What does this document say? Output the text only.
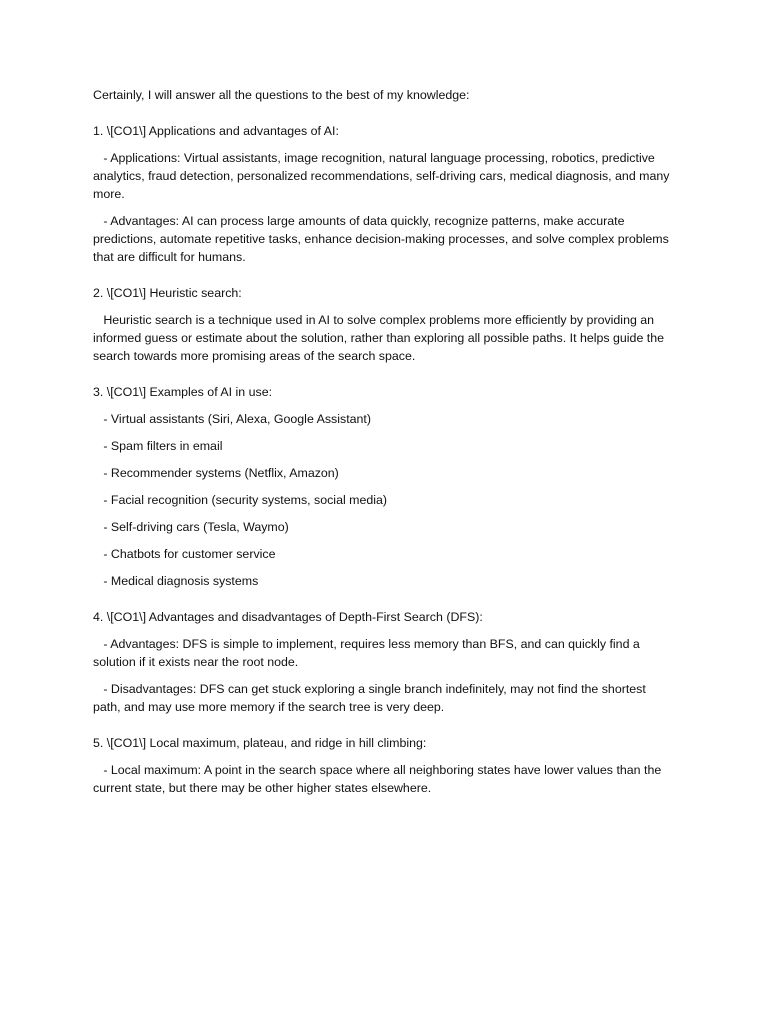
Certainly, I will answer all the questions to the best of my knowledge:

1. \[CO1\] Applications and advantages of AI:

- Applications: Virtual assistants, image recognition, natural language processing, robotics, predictive analytics, fraud detection, personalized recommendations, self-driving cars, medical diagnosis, and many more.

- Advantages: AI can process large amounts of data quickly, recognize patterns, make accurate predictions, automate repetitive tasks, enhance decision-making processes, and solve complex problems that are difficult for humans.

2. \[CO1\] Heuristic search:

Heuristic search is a technique used in AI to solve complex problems more efficiently by providing an informed guess or estimate about the solution, rather than exploring all possible paths. It helps guide the search towards more promising areas of the search space.

3. \[CO1\] Examples of AI in use:

- Virtual assistants (Siri, Alexa, Google Assistant)

- Spam filters in email

- Recommender systems (Netflix, Amazon)

- Facial recognition (security systems, social media)

- Self-driving cars (Tesla, Waymo)

- Chatbots for customer service

- Medical diagnosis systems

4. \[CO1\] Advantages and disadvantages of Depth-First Search (DFS):

- Advantages: DFS is simple to implement, requires less memory than BFS, and can quickly find a solution if it exists near the root node.

- Disadvantages: DFS can get stuck exploring a single branch indefinitely, may not find the shortest path, and may use more memory if the search tree is very deep.

5. \[CO1\] Local maximum, plateau, and ridge in hill climbing:

- Local maximum: A point in the search space where all neighboring states have lower values than the current state, but there may be other higher states elsewhere.
